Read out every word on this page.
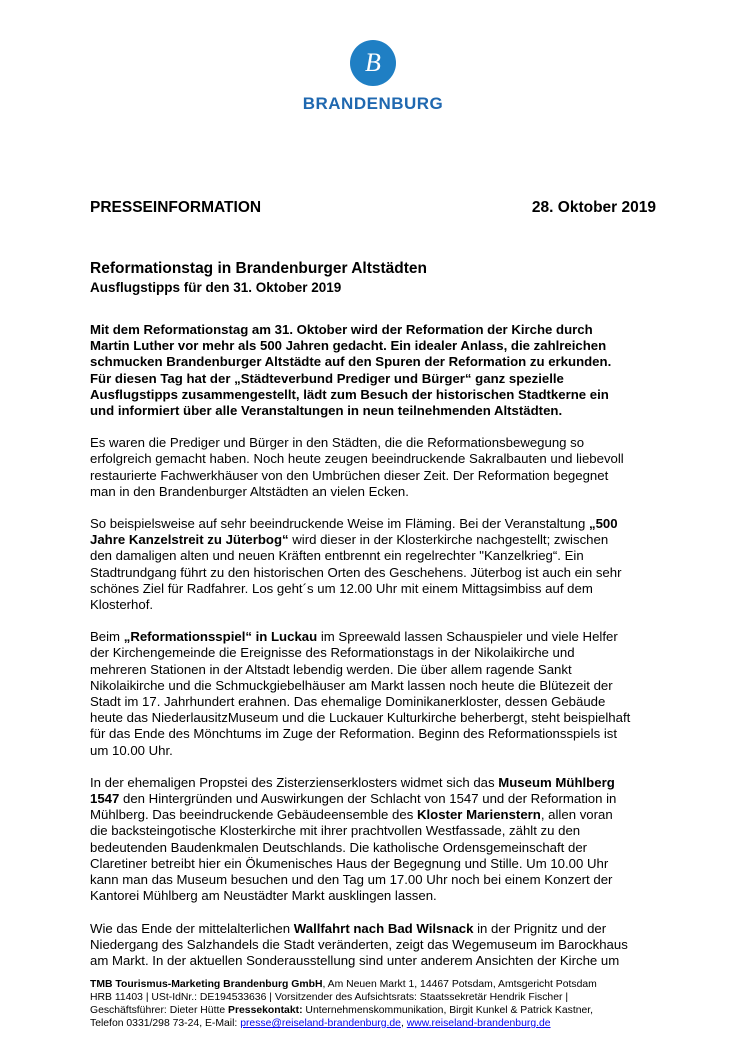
B
BRANDENBURG
PRESSEINFORMATION	28. Oktober 2019
Reformationstag in Brandenburger Altstädten
Ausflugstipps für den 31. Oktober 2019

Mit dem Reformationstag am 31. Oktober wird der Reformation der Kirche durch
Martin Luther vor mehr als 500 Jahren gedacht. Ein idealer Anlass, die zahlreichen
schmucken Brandenburger Altstädte auf den Spuren der Reformation zu erkunden.
Für diesen Tag hat der „Städteverbund Prediger und Bürger“ ganz spezielle
Ausflugstipps zusammengestellt, lädt zum Besuch der historischen Stadtkerne ein
und informiert über alle Veranstaltungen in neun teilnehmenden Altstädten.

Es waren die Prediger und Bürger in den Städten, die die Reformationsbewegung so
erfolgreich gemacht haben. Noch heute zeugen beeindruckende Sakralbauten und liebevoll
restaurierte Fachwerkhäuser von den Umbrüchen dieser Zeit. Der Reformation begegnet
man in den Brandenburger Altstädten an vielen Ecken.

So beispielsweise auf sehr beeindruckende Weise im Fläming. Bei der Veranstaltung „500
Jahre Kanzelstreit zu Jüterbog“ wird dieser in der Klosterkirche nachgestellt; zwischen
den damaligen alten und neuen Kräften entbrennt ein regelrechter "Kanzelkrieg“. Ein
Stadtrundgang führt zu den historischen Orten des Geschehens. Jüterbog ist auch ein sehr
schönes Ziel für Radfahrer. Los geht´s um 12.00 Uhr mit einem Mittagsimbiss auf dem
Klosterhof.

Beim „Reformationsspiel“ in Luckau im Spreewald lassen Schauspieler und viele Helfer
der Kirchengemeinde die Ereignisse des Reformationstags in der Nikolaikirche und
mehreren Stationen in der Altstadt lebendig werden. Die über allem ragende Sankt
Nikolaikirche und die Schmuckgiebelhäuser am Markt lassen noch heute die Blütezeit der
Stadt im 17. Jahrhundert erahnen. Das ehemalige Dominikanerkloster, dessen Gebäude
heute das NiederlausitzMuseum und die Luckauer Kulturkirche beherbergt, steht beispielhaft
für das Ende des Mönchtums im Zuge der Reformation. Beginn des Reformationsspiels ist
um 10.00 Uhr.

In der ehemaligen Propstei des Zisterzienserklosters widmet sich das Museum Mühlberg
1547 den Hintergründen und Auswirkungen der Schlacht von 1547 und der Reformation in
Mühlberg. Das beeindruckende Gebäudeensemble des Kloster Marienstern, allen voran
die backsteingotische Klosterkirche mit ihrer prachtvollen Westfassade, zählt zu den
bedeutenden Baudenkmalen Deutschlands. Die katholische Ordensgemeinschaft der
Claretiner betreibt hier ein Ökumenisches Haus der Begegnung und Stille. Um 10.00 Uhr
kann man das Museum besuchen und den Tag um 17.00 Uhr noch bei einem Konzert der
Kantorei Mühlberg am Neustädter Markt ausklingen lassen.

Wie das Ende der mittelalterlichen Wallfahrt nach Bad Wilsnack in der Prignitz und der
Niedergang des Salzhandels die Stadt veränderten, zeigt das Wegemuseum im Barockhaus
am Markt. In der aktuellen Sonderausstellung sind unter anderem Ansichten der Kirche um

TMB Tourismus-Marketing Brandenburg GmbH, Am Neuen Markt 1, 14467 Potsdam, Amtsgericht Potsdam
HRB 11403 | USt-IdNr.: DE194533636 | Vorsitzender des Aufsichtsrats: Staatssekretär Hendrik Fischer |
Geschäftsführer: Dieter Hütte Pressekontakt: Unternehmenskommunikation, Birgit Kunkel & Patrick Kastner,
Telefon 0331/298 73-24, E-Mail: presse@reiseland-brandenburg.de, www.reiseland-brandenburg.de
